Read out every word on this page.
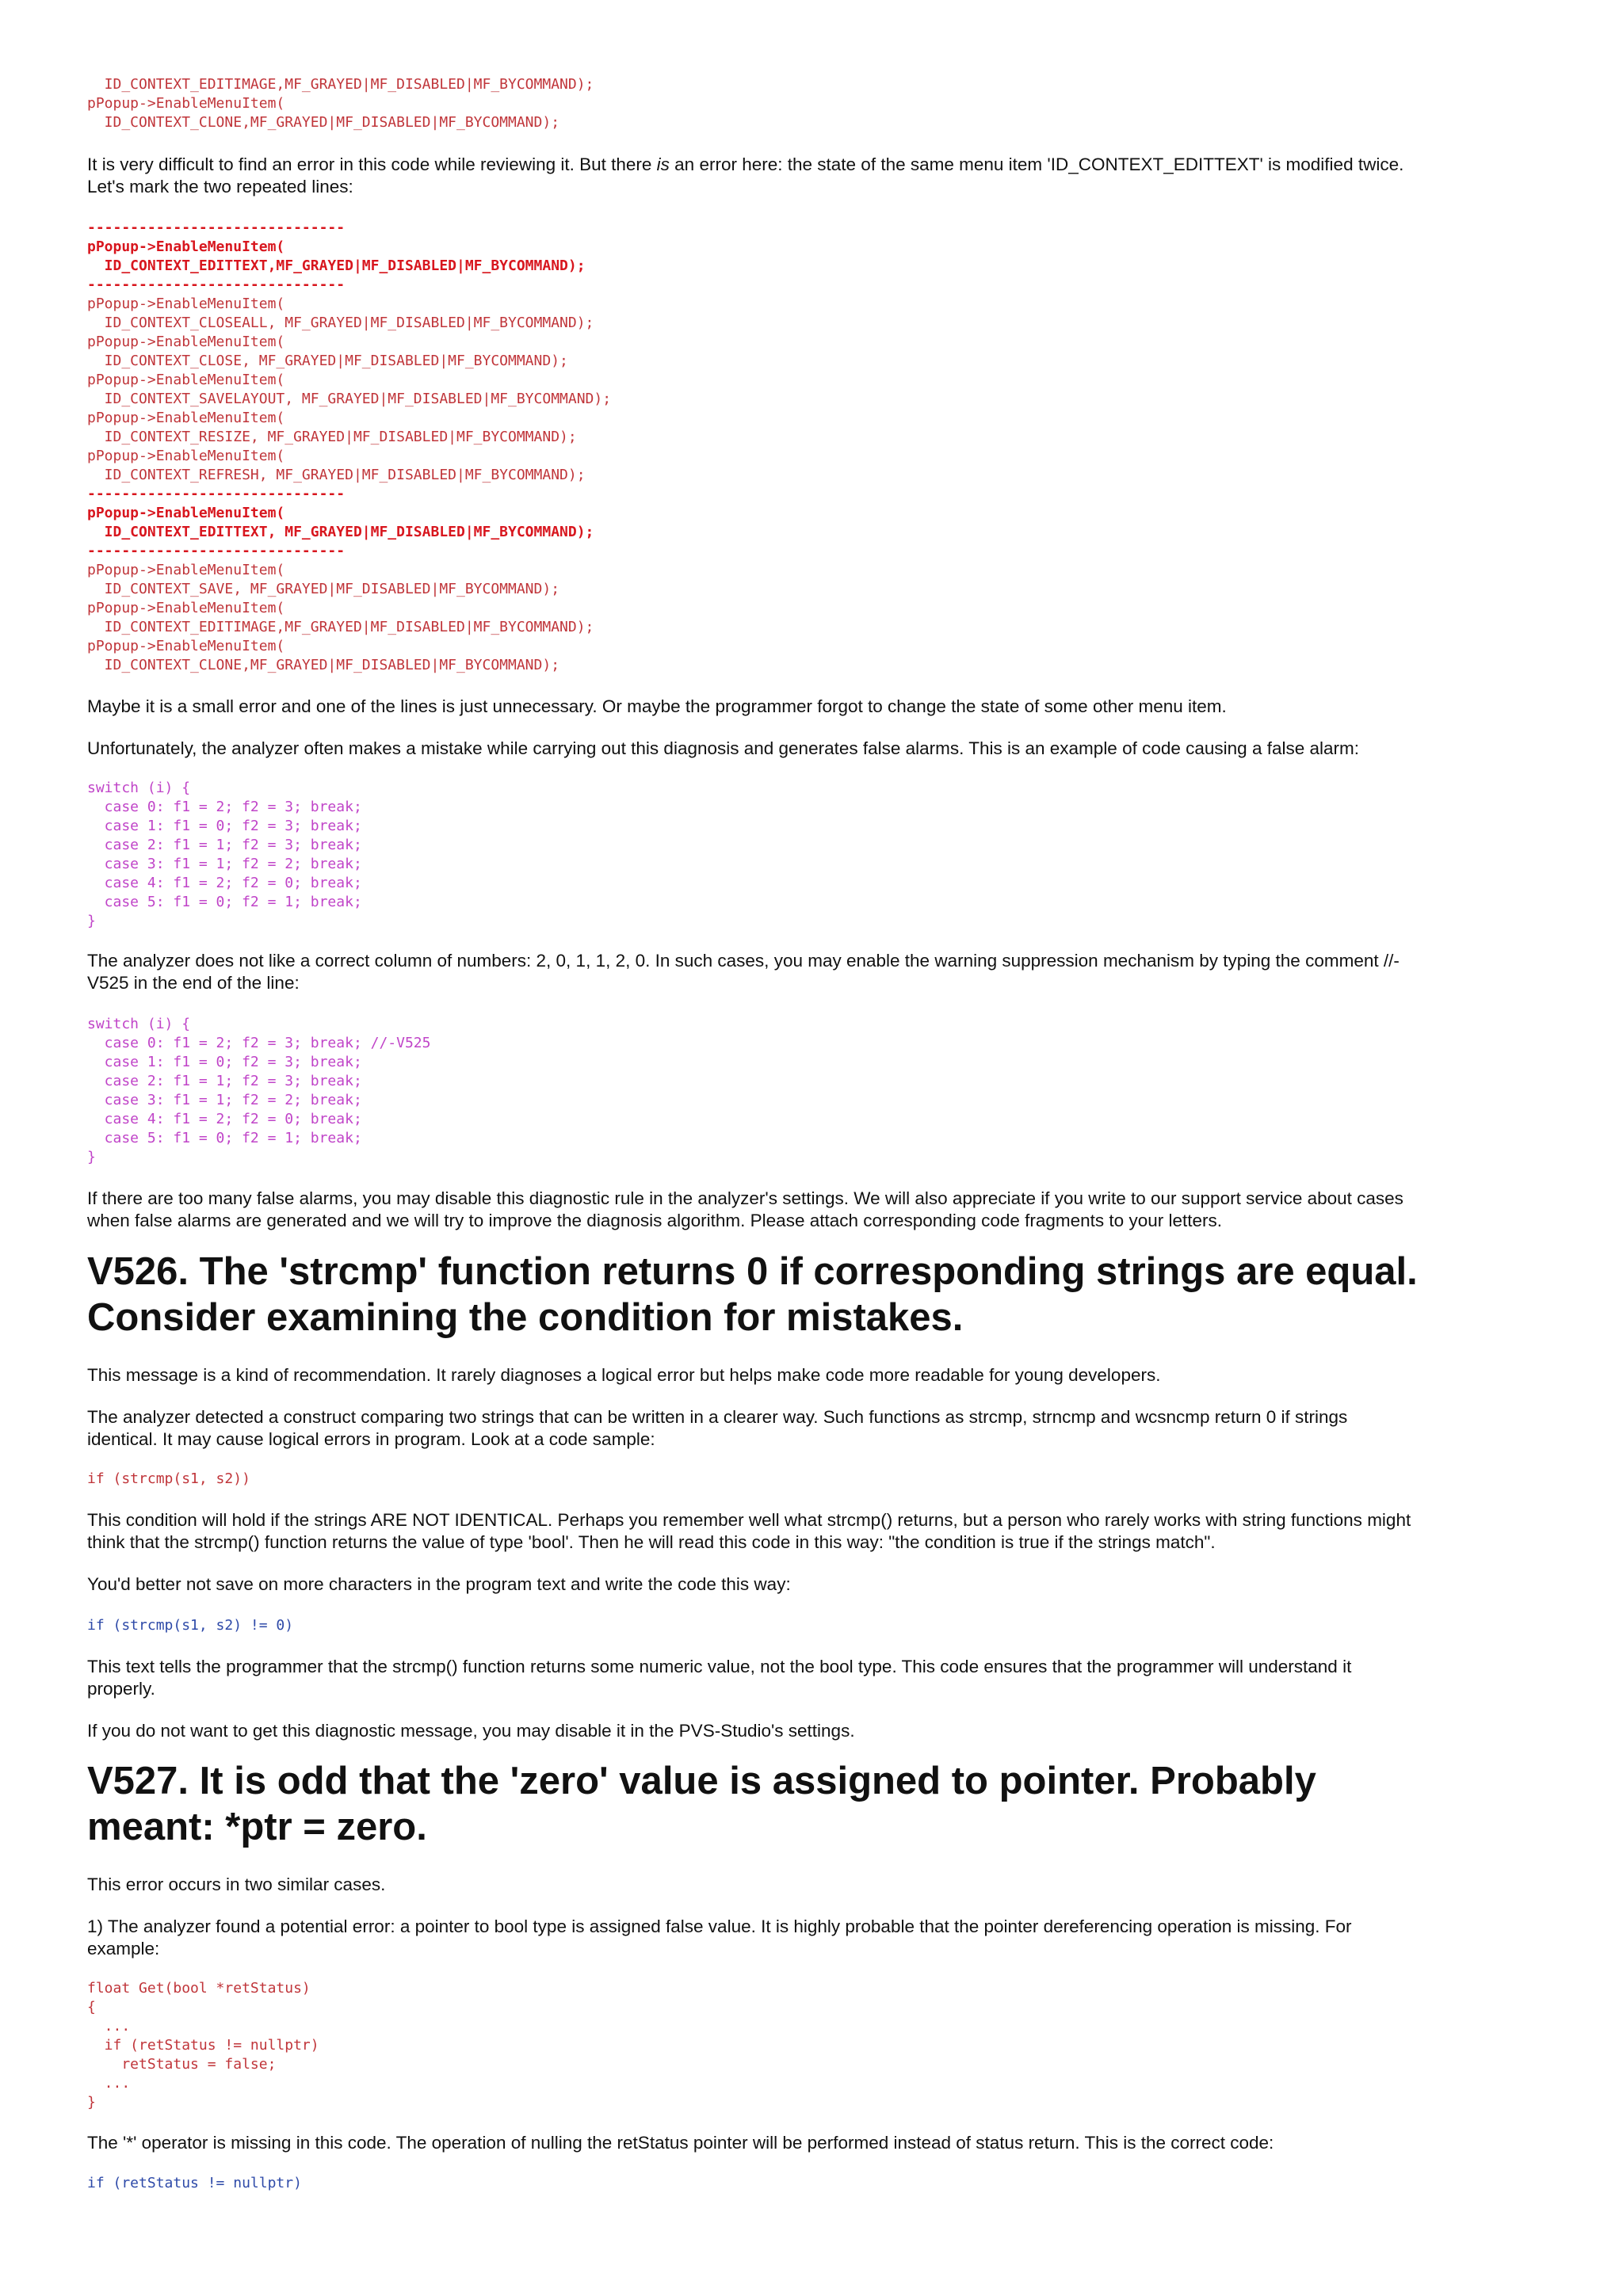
ID_CONTEXT_EDITIMAGE,MF_GRAYED|MF_DISABLED|MF_BYCOMMAND);
pPopup->EnableMenuItem(
ID_CONTEXT_CLONE,MF_GRAYED|MF_DISABLED|MF_BYCOMMAND);

It is very difficult to find an error in this code while reviewing it. But there is an error here: the state of the same menu item 'ID_CONTEXT_EDITTEXT' is modified twice. Let's mark the two repeated lines:

------------------------------
pPopup->EnableMenuItem(
ID_CONTEXT_EDITTEXT,MF_GRAYED|MF_DISABLED|MF_BYCOMMAND);
------------------------------
pPopup->EnableMenuItem(
ID_CONTEXT_CLOSEALL, MF_GRAYED|MF_DISABLED|MF_BYCOMMAND);
pPopup->EnableMenuItem(
ID_CONTEXT_CLOSE, MF_GRAYED|MF_DISABLED|MF_BYCOMMAND);
pPopup->EnableMenuItem(
ID_CONTEXT_SAVELAYOUT, MF_GRAYED|MF_DISABLED|MF_BYCOMMAND);
pPopup->EnableMenuItem(
ID_CONTEXT_RESIZE, MF_GRAYED|MF_DISABLED|MF_BYCOMMAND);
pPopup->EnableMenuItem(
ID_CONTEXT_REFRESH, MF_GRAYED|MF_DISABLED|MF_BYCOMMAND);
------------------------------
pPopup->EnableMenuItem(
ID_CONTEXT_EDITTEXT, MF_GRAYED|MF_DISABLED|MF_BYCOMMAND);
------------------------------
pPopup->EnableMenuItem(
ID_CONTEXT_SAVE, MF_GRAYED|MF_DISABLED|MF_BYCOMMAND);
pPopup->EnableMenuItem(
ID_CONTEXT_EDITIMAGE,MF_GRAYED|MF_DISABLED|MF_BYCOMMAND);
pPopup->EnableMenuItem(
ID_CONTEXT_CLONE,MF_GRAYED|MF_DISABLED|MF_BYCOMMAND);

Maybe it is a small error and one of the lines is just unnecessary. Or maybe the programmer forgot to change the state of some other menu item.

Unfortunately, the analyzer often makes a mistake while carrying out this diagnosis and generates false alarms. This is an example of code causing a false alarm:

switch (i) {
case 0: f1 = 2; f2 = 3; break;
case 1: f1 = 0; f2 = 3; break;
case 2: f1 = 1; f2 = 3; break;
case 3: f1 = 1; f2 = 2; break;
case 4: f1 = 2; f2 = 0; break;
case 5: f1 = 0; f2 = 1; break;
}

The analyzer does not like a correct column of numbers: 2, 0, 1, 1, 2, 0. In such cases, you may enable the warning suppression mechanism by typing the comment //-V525 in the end of the line:

switch (i) {
case 0: f1 = 2; f2 = 3; break; //-V525
case 1: f1 = 0; f2 = 3; break;
case 2: f1 = 1; f2 = 3; break;
case 3: f1 = 1; f2 = 2; break;
case 4: f1 = 2; f2 = 0; break;
case 5: f1 = 0; f2 = 1; break;
}

If there are too many false alarms, you may disable this diagnostic rule in the analyzer's settings. We will also appreciate if you write to our support service about cases when false alarms are generated and we will try to improve the diagnosis algorithm. Please attach corresponding code fragments to your letters.

V526. The 'strcmp' function returns 0 if corresponding strings are equal. Consider examining the condition for mistakes.

This message is a kind of recommendation. It rarely diagnoses a logical error but helps make code more readable for young developers.

The analyzer detected a construct comparing two strings that can be written in a clearer way. Such functions as strcmp, strncmp and wcsncmp return 0 if strings identical. It may cause logical errors in program. Look at a code sample:

if (strcmp(s1, s2))

This condition will hold if the strings ARE NOT IDENTICAL. Perhaps you remember well what strcmp() returns, but a person who rarely works with string functions might think that the strcmp() function returns the value of type 'bool'. Then he will read this code in this way: "the condition is true if the strings match".

You'd better not save on more characters in the program text and write the code this way:

if (strcmp(s1, s2) != 0)

This text tells the programmer that the strcmp() function returns some numeric value, not the bool type. This code ensures that the programmer will understand it properly.

If you do not want to get this diagnostic message, you may disable it in the PVS-Studio's settings.

V527. It is odd that the 'zero' value is assigned to pointer. Probably meant: *ptr = zero.

This error occurs in two similar cases.

1) The analyzer found a potential error: a pointer to bool type is assigned false value. It is highly probable that the pointer dereferencing operation is missing. For example:

float Get(bool *retStatus)
{
...
if (retStatus != nullptr)
retStatus = false;
...
}

The '*' operator is missing in this code. The operation of nulling the retStatus pointer will be performed instead of status return. This is the correct code:

if (retStatus != nullptr)
